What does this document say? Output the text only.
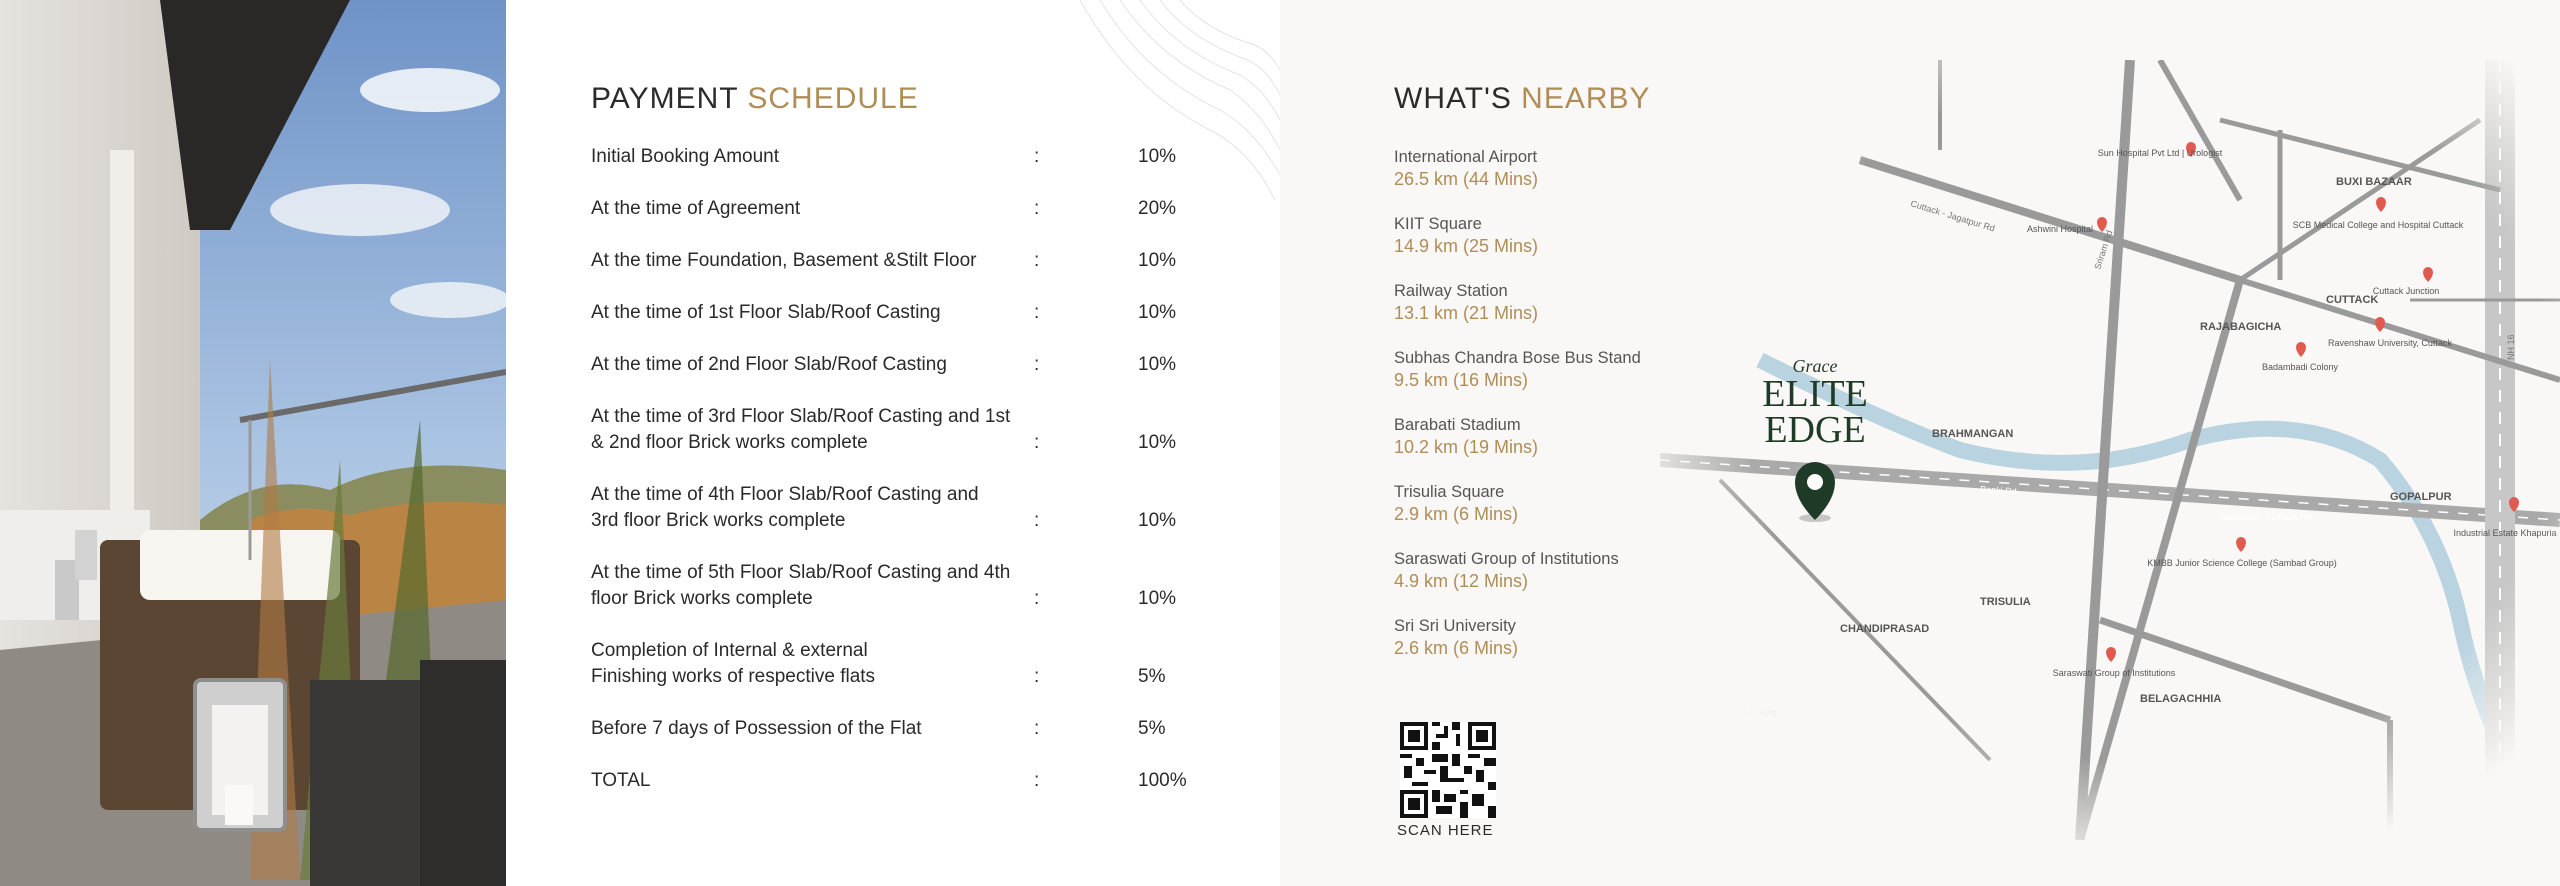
PAYMENT SCHEDULE
Initial Booking Amount	:	10%
At the time of Agreement	:	20%
At the time Foundation, Basement &Stilt Floor	:	10%
At the time of 1st Floor Slab/Roof Casting	:	10%
At the time of 2nd Floor Slab/Roof Casting	:	10%
At the time of 3rd Floor Slab/Roof Casting and 1st & 2nd floor Brick works complete	:	10%
At the time of 4th Floor Slab/Roof Casting and 3rd floor Brick works complete	:	10%
At the time of 5th Floor Slab/Roof Casting and 4th floor Brick works complete	:	10%
Completion of Internal & external Finishing works of respective flats	:	5%
Before 7 days of Possession of the Flat	:	5%
TOTAL	:	100%
WHAT'S NEARBY
International Airport
26.5 km (44 Mins)
KIIT Square
14.9 km (25 Mins)
Railway Station
13.1 km (21 Mins)
Subhas Chandra Bose Bus Stand
9.5 km (16 Mins)
Barabati Stadium
10.2 km (19 Mins)
Trisulia Square
2.9 km (6 Mins)
Saraswati Group of Institutions
4.9 km (12 Mins)
Sri Sri University
2.6 km (6 Mins)
SCAN HERE
Grace
ELITE
EDGE
